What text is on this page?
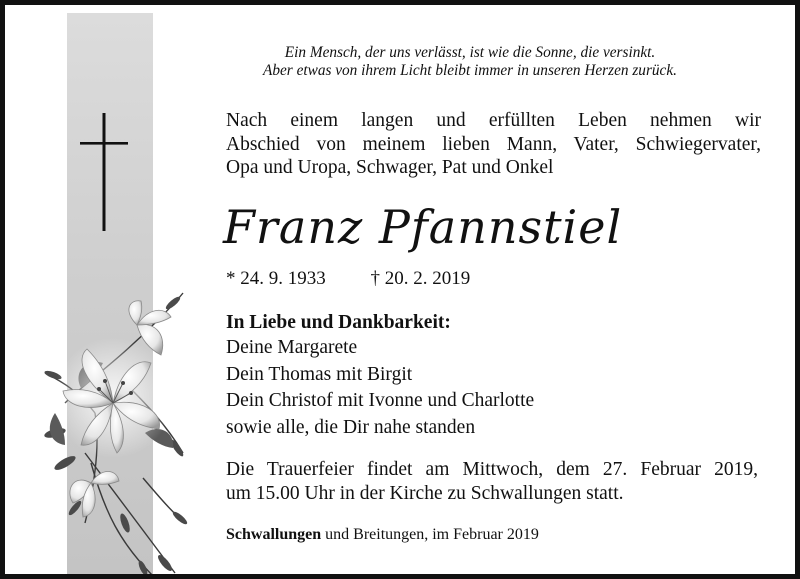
Ein Mensch, der uns verlässt, ist wie die Sonne, die versinkt.
Aber etwas von ihrem Licht bleibt immer in unseren Herzen zurück.
Nach einem langen und erfüllten Leben nehmen wir
Abschied von meinem lieben Mann, Vater, Schwiegervater,
Opa und Uropa, Schwager, Pat und Onkel
Franz Pfannstiel
* 24. 9. 1933 † 20. 2. 2019
In Liebe und Dankbarkeit:
Deine Margarete
Dein Thomas mit Birgit
Dein Christof mit Ivonne und Charlotte
sowie alle, die Dir nahe standen
Die Trauerfeier findet am Mittwoch, dem 27. Februar 2019,
um 15.00 Uhr in der Kirche zu Schwallungen statt.
Schwallungen und Breitungen, im Februar 2019
